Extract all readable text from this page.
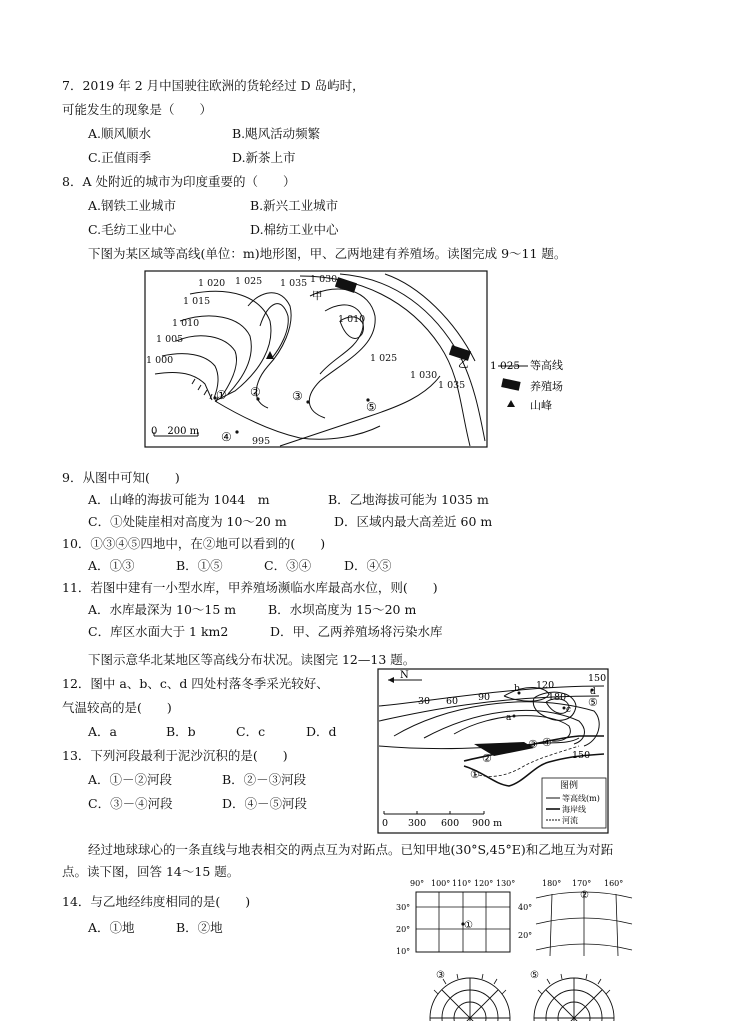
7．2019 年 2 月中国驶往欧洲的货轮经过 D 岛屿时，
可能发生的现象是（　　）
A.顺风顺水	B.飓风活动频繁
C.正值雨季	D.新茶上市
8．A 处附近的城市为印度重要的（　　）
A.钢铁工业城市	B.新兴工业城市
C.毛纺工业中心	D.棉纺工业中心
下图为某区域等高线(单位：m)地形图，甲、乙两地建有养殖场。读图完成 9～11 题。
1 020 1 025 1 035 1 030
1 015
1 010	1 010
1 005
1 000	1 025
1 030
1 035
995
甲
乙
① ②	③
④
⑤
0　200 m
1 025 等高线
养殖场
山峰
9．从图中可知(　　)
A．山峰的海拔可能为 1044　m	B．乙地海拔可能为 1035 m
C．①处陡崖相对高度为 10～20 m	D．区域内最大高差近 60 m
10．①③④⑤四地中，在②地可以看到的(　　)
A．①③	B．①⑤	C．③④	D．④⑤
11．若图中建有一小型水库，甲养殖场濒临水库最高水位，则(　　)
A．水库最深为 10～15 m	B．水坝高度为 15～20 m
C．库区水面大于 1 km2	D．甲、乙两养殖场将污染水库
下图示意华北某地区等高线分布状况。读图完 12—13 题。
12．图中 a、b、c、d 四处村落冬季采光较好、
气温较高的是(　　)
A．a	B．b	C．c	D．d
13．下列河段最利于泥沙沉积的是(　　)
A．①－②河段	B．②－③河段
C．③－④河段	D．④－⑤河段
N
30 60 90
120
180
150
150
b
a
c
d
①
②
③ ④
⑤
图例
等高线(m)
海岸线
河流
0 300 600 900 m
经过地球球心的一条直线与地表相交的两点互为对跖点。已知甲地(30°S,45°E)和乙地互为对跖
点。读下图，回答 14～15 题。
14．与乙地经纬度相同的是(　　)
A．①地	B．②地
90° 100° 110° 120° 130°
30°
20°
10°
①
180° 170° 160°
40°
20°
②
③	⑤
